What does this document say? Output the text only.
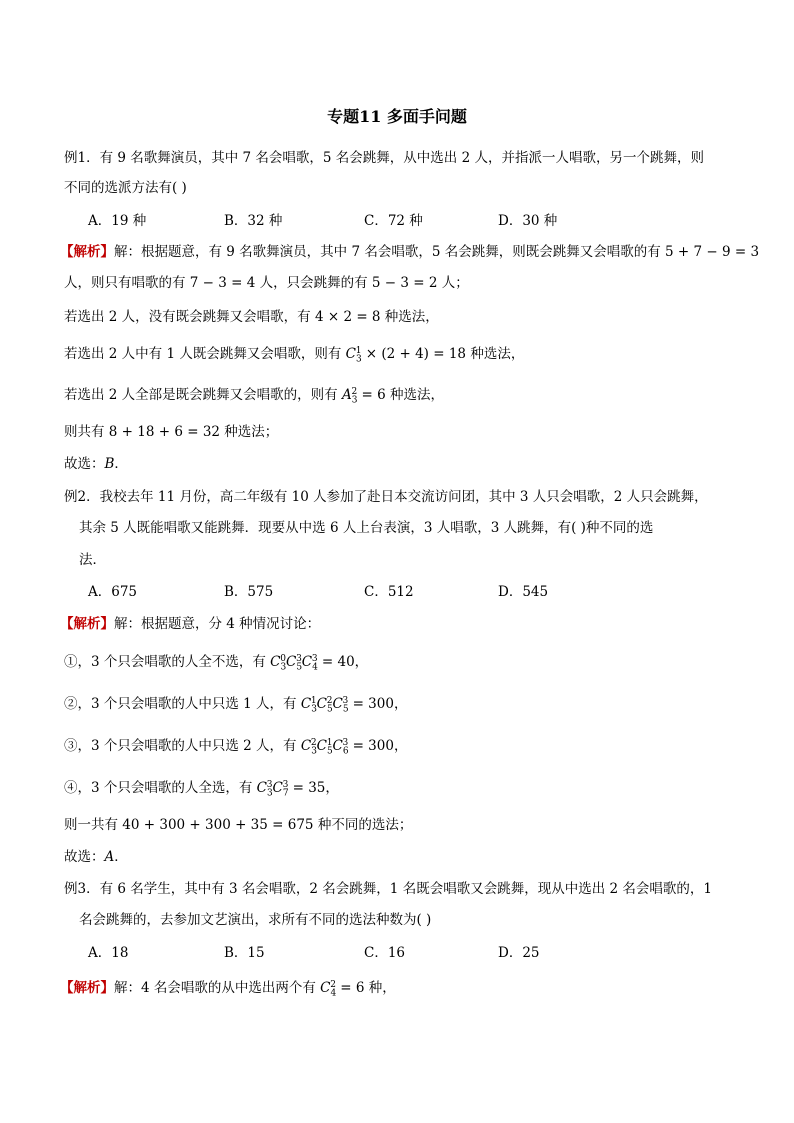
专题11 多面手问题
例1．有 9 名歌舞演员，其中 7 名会唱歌，5 名会跳舞，从中选出 2 人，并指派一人唱歌，另一个跳舞，则
不同的选派方法有( )
A．19 种	B．32 种	C．72 种	D．30 种
【解析】解：根据题意，有 9 名歌舞演员，其中 7 名会唱歌，5 名会跳舞，则既会跳舞又会唱歌的有 5 + 7 − 9 = 3
人，则只有唱歌的有 7 − 3 = 4 人，只会跳舞的有 5 − 3 = 2 人；
若选出 2 人，没有既会跳舞又会唱歌，有 4 × 2 = 8 种选法，
若选出 2 人中有 1 人既会跳舞又会唱歌，则有 $C_3^1 \times (2 + 4) = 18$ 种选法，
若选出 2 人全部是既会跳舞又会唱歌的，则有 $A_3^2 = 6$ 种选法，
则共有 8 + 18 + 6 = 32 种选法；
故选：B．
例2．我校去年 11 月份，高二年级有 10 人参加了赴日本交流访问团，其中 3 人只会唱歌，2 人只会跳舞，
其余 5 人既能唱歌又能跳舞．现要从中选 6 人上台表演，3 人唱歌，3 人跳舞，有( )种不同的选
法．
A．675	B．575	C．512	D．545
【解析】解：根据题意，分 4 种情况讨论：
①，3 个只会唱歌的人全不选，有 $C_3^0C_5^3C_4^3 = 40$，
②，3 个只会唱歌的人中只选 1 人，有 $C_3^1C_5^2C_5^3 = 300$，
③，3 个只会唱歌的人中只选 2 人，有 $C_3^2C_5^1C_6^3 = 300$，
④，3 个只会唱歌的人全选，有 $C_3^3C_7^3 = 35$，
则一共有 40 + 300 + 300 + 35 = 675 种不同的选法；
故选：A．
例3．有 6 名学生，其中有 3 名会唱歌，2 名会跳舞，1 名既会唱歌又会跳舞，现从中选出 2 名会唱歌的，1
名会跳舞的，去参加文艺演出，求所有不同的选法种数为( )
A．18	B．15	C．16	D．25
【解析】解：4 名会唱歌的从中选出两个有 $C_4^2 = 6$ 种，
